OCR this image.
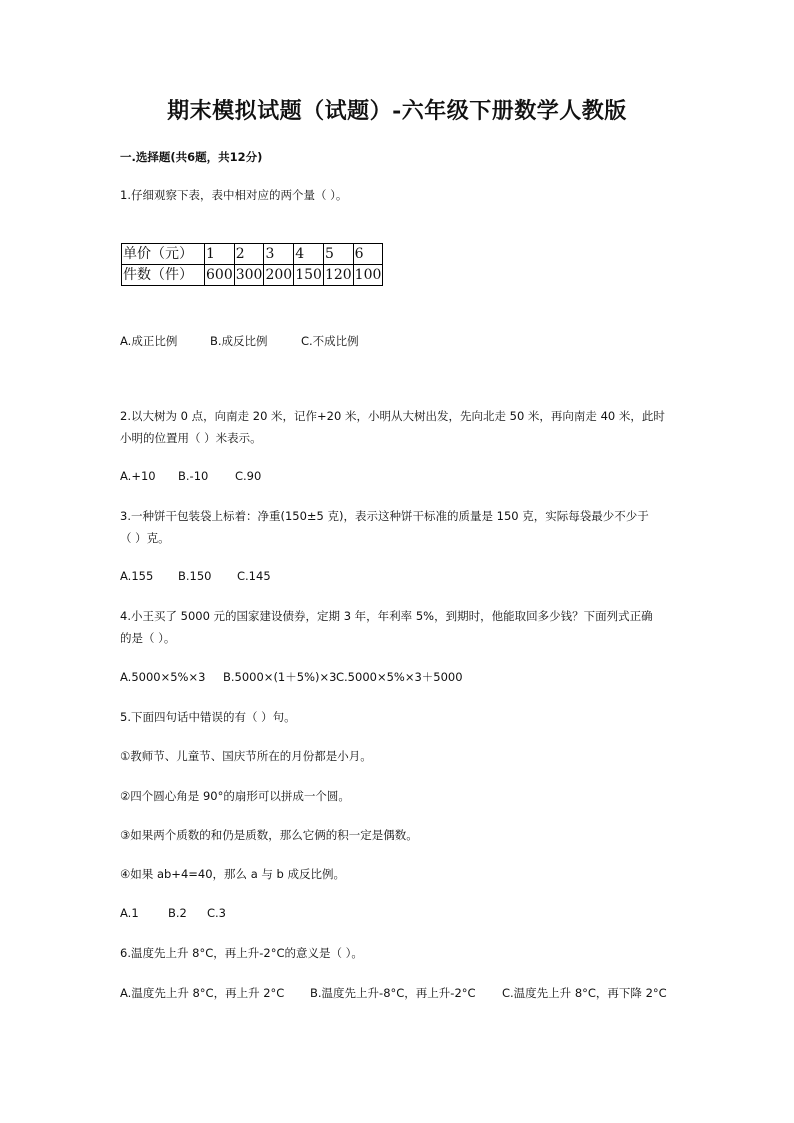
期末模拟试题（试题）-六年级下册数学人教版
一.选择题(共6题，共12分)
1.仔细观察下表，表中相对应的两个量（ ）。
单价（元）	1	2	3	4	5	6
件数（件）	600	300	200	150	120	100
A.成正比例	B.成反比例	C.不成比例
2.以大树为 0 点，向南走 20 米，记作+20 米，小明从大树出发，先向北走 50 米，再向南走 40 米，此时
小明的位置用（ ）米表示。
A.+10 B.-10 C.90
3.一种饼干包装袋上标着：净重(150±5 克)，表示这种饼干标准的质量是 150 克，实际每袋最少不少于
（ ）克。
A.155 B.150 C.145
4.小王买了 5000 元的国家建设债券，定期 3 年，年利率 5%，到期时，他能取回多少钱？下面列式正确
的是（ ）。
A.5000×5%×3 B.5000×(1＋5%)×3C.5000×5%×3＋5000
5.下面四句话中错误的有（ ）句。
①教师节、儿童节、国庆节所在的月份都是小月。
②四个圆心角是 90°的扇形可以拼成一个圆。
③如果两个质数的和仍是质数，那么它俩的积一定是偶数。
④如果 ab+4=40，那么 a 与 b 成反比例。
A.1	B.2 C.3
6.温度先上升 8°C，再上升-2°C的意义是（ ）。
A.温度先上升 8°C，再上升 2°C B.温度先上升-8°C，再上升-2°C C.温度先上升 8°C，再下降 2°C
